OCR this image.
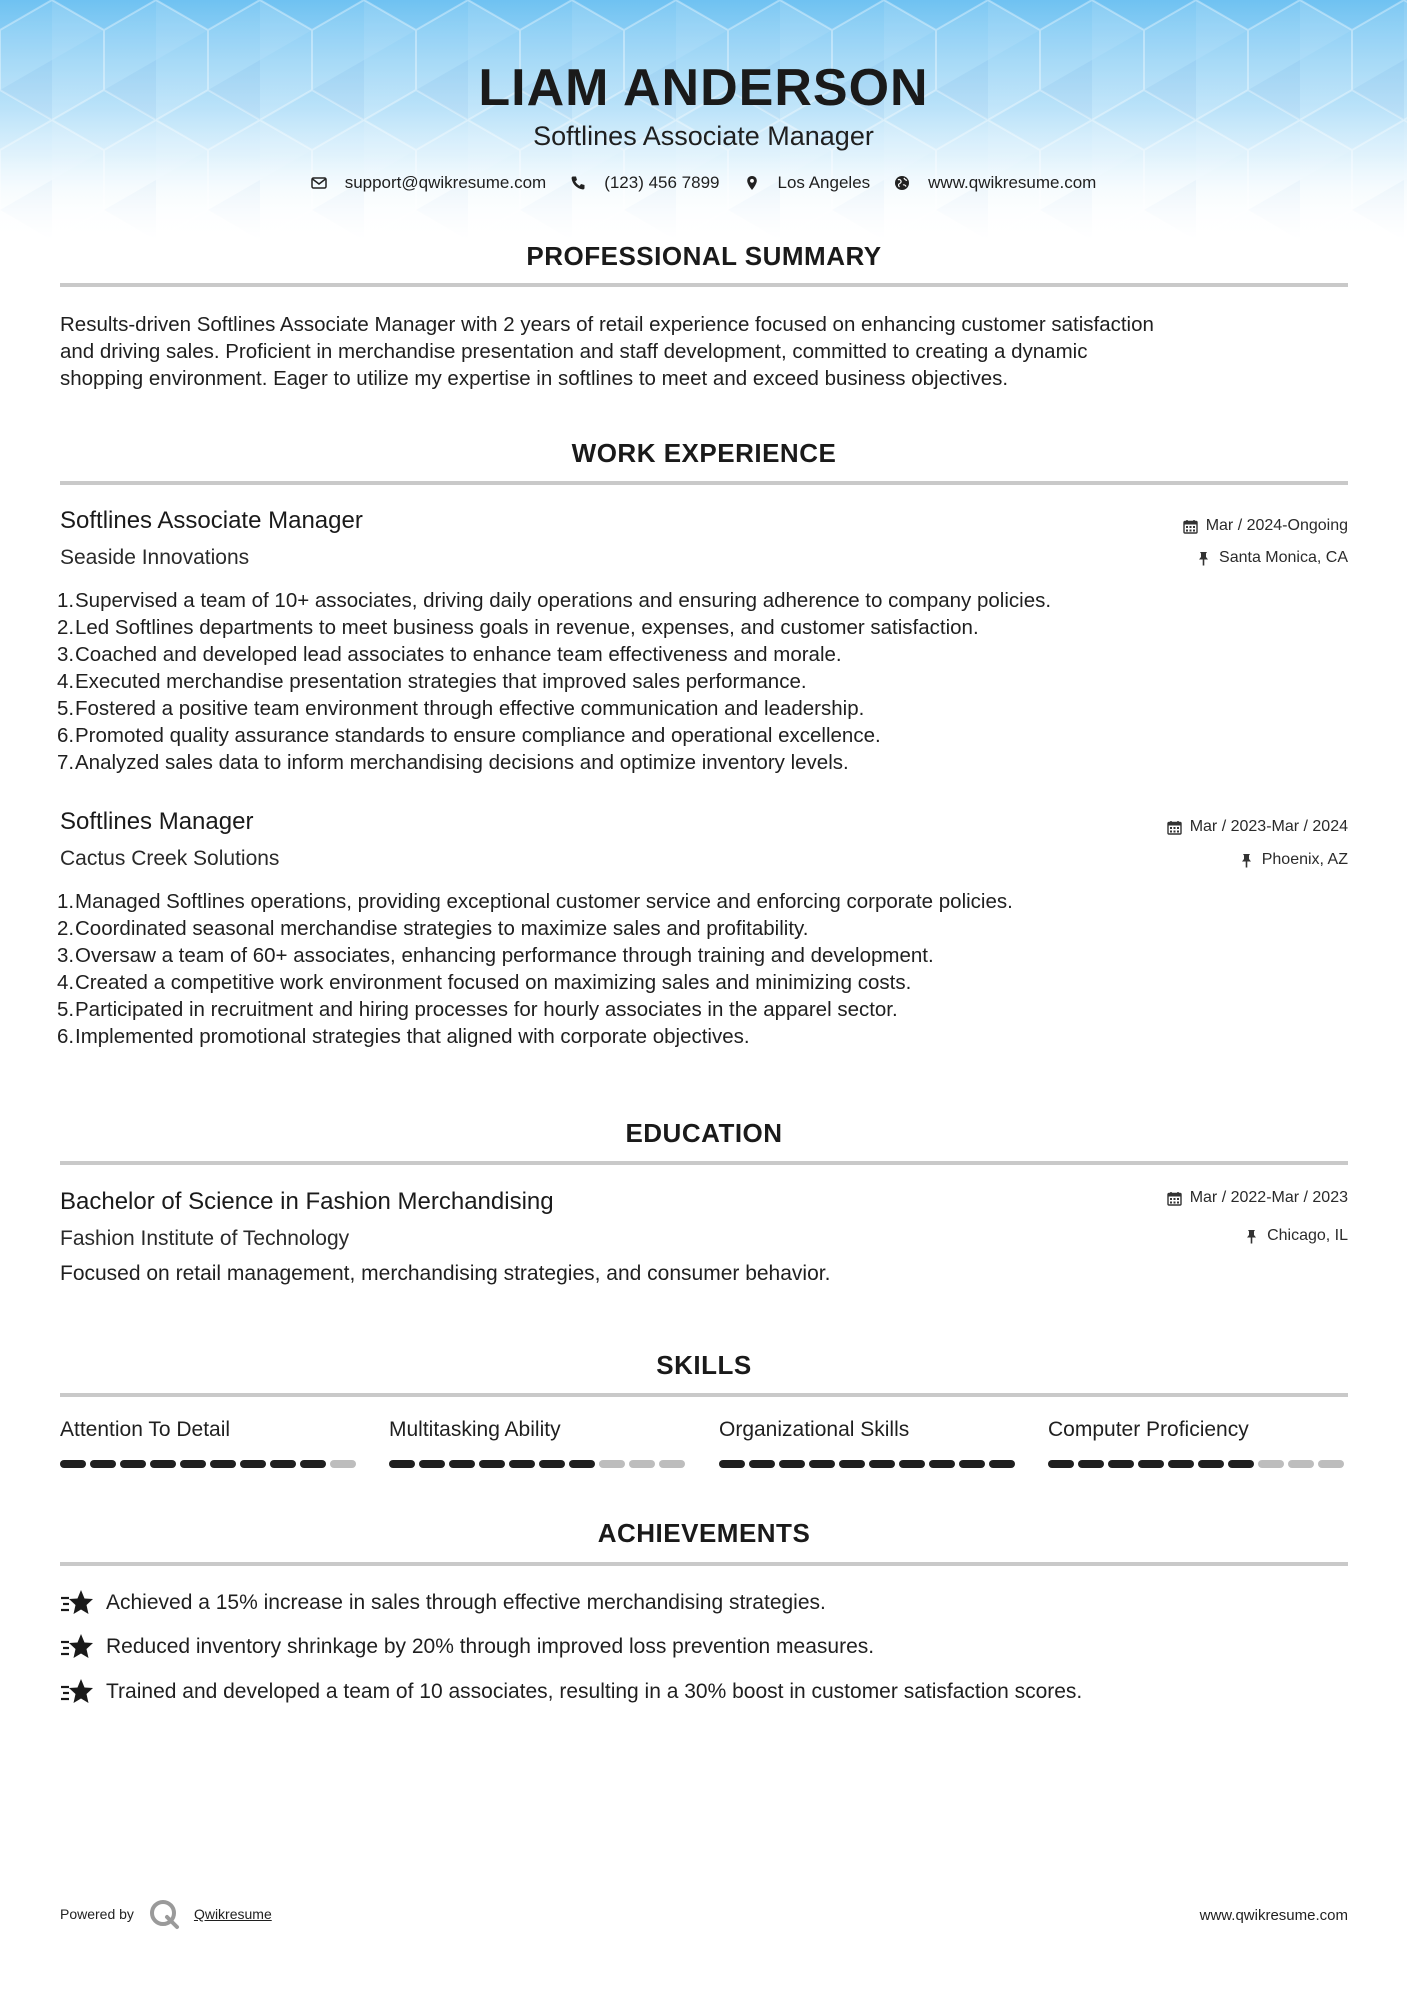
LIAM ANDERSON
Softlines Associate Manager
support@qwikresume.com	(123) 456 7899	Los Angeles	www.qwikresume.com
PROFESSIONAL SUMMARY
Results-driven Softlines Associate Manager with 2 years of retail experience focused on enhancing customer satisfaction
and driving sales. Proficient in merchandise presentation and staff development, committed to creating a dynamic
shopping environment. Eager to utilize my expertise in softlines to meet and exceed business objectives.
WORK EXPERIENCE
Softlines Associate Manager
Seaside Innovations
Mar / 2024-Ongoing
Santa Monica, CA
1. Supervised a team of 10+ associates, driving daily operations and ensuring adherence to company policies.
2. Led Softlines departments to meet business goals in revenue, expenses, and customer satisfaction.
3. Coached and developed lead associates to enhance team effectiveness and morale.
4. Executed merchandise presentation strategies that improved sales performance.
5. Fostered a positive team environment through effective communication and leadership.
6. Promoted quality assurance standards to ensure compliance and operational excellence.
7. Analyzed sales data to inform merchandising decisions and optimize inventory levels.
Softlines Manager
Cactus Creek Solutions
Mar / 2023-Mar / 2024
Phoenix, AZ
1. Managed Softlines operations, providing exceptional customer service and enforcing corporate policies.
2. Coordinated seasonal merchandise strategies to maximize sales and profitability.
3. Oversaw a team of 60+ associates, enhancing performance through training and development.
4. Created a competitive work environment focused on maximizing sales and minimizing costs.
5. Participated in recruitment and hiring processes for hourly associates in the apparel sector.
6. Implemented promotional strategies that aligned with corporate objectives.
EDUCATION
Bachelor of Science in Fashion Merchandising
Fashion Institute of Technology
Mar / 2022-Mar / 2023
Chicago, IL
Focused on retail management, merchandising strategies, and consumer behavior.
SKILLS
Attention To Detail	Multitasking Ability	Organizational Skills	Computer Proficiency
ACHIEVEMENTS
Achieved a 15% increase in sales through effective merchandising strategies.
Reduced inventory shrinkage by 20% through improved loss prevention measures.
Trained and developed a team of 10 associates, resulting in a 30% boost in customer satisfaction scores.
Powered by	Qwikresume	www.qwikresume.com
